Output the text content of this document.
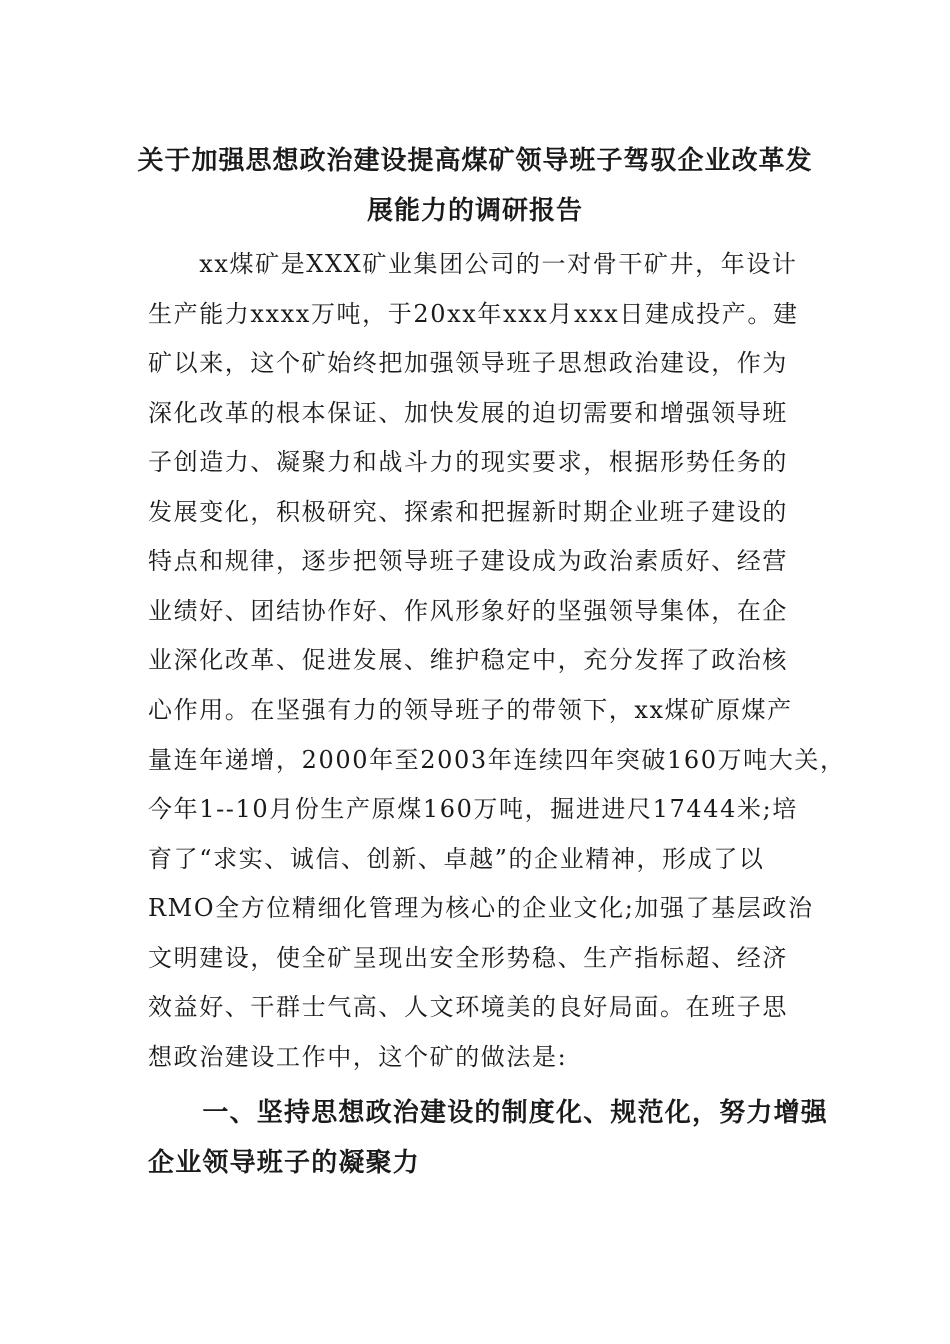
关于加强思想政治建设提高煤矿领导班子驾驭企业改革发
展能力的调研报告
　　xx煤矿是XXX矿业集团公司的一对骨干矿井，年设计
生产能力xxxx万吨，于20xx年xxx月xxx日建成投产。建
矿以来，这个矿始终把加强领导班子思想政治建设，作为
深化改革的根本保证、加快发展的迫切需要和增强领导班
子创造力、凝聚力和战斗力的现实要求，根据形势任务的
发展变化，积极研究、探索和把握新时期企业班子建设的
特点和规律，逐步把领导班子建设成为政治素质好、经营
业绩好、团结协作好、作风形象好的坚强领导集体，在企
业深化改革、促进发展、维护稳定中，充分发挥了政治核
心作用。在坚强有力的领导班子的带领下，xx煤矿原煤产
量连年递增，2000年至2003年连续四年突破160万吨大关，
今年1--10月份生产原煤160万吨，掘进进尺17444米;培
育了“求实、诚信、创新、卓越”的企业精神，形成了以
RMO全方位精细化管理为核心的企业文化;加强了基层政治
文明建设，使全矿呈现出安全形势稳、生产指标超、经济
效益好、干群士气高、人文环境美的良好局面。在班子思
想政治建设工作中，这个矿的做法是:
　　一、坚持思想政治建设的制度化、规范化，努力增强
企业领导班子的凝聚力
